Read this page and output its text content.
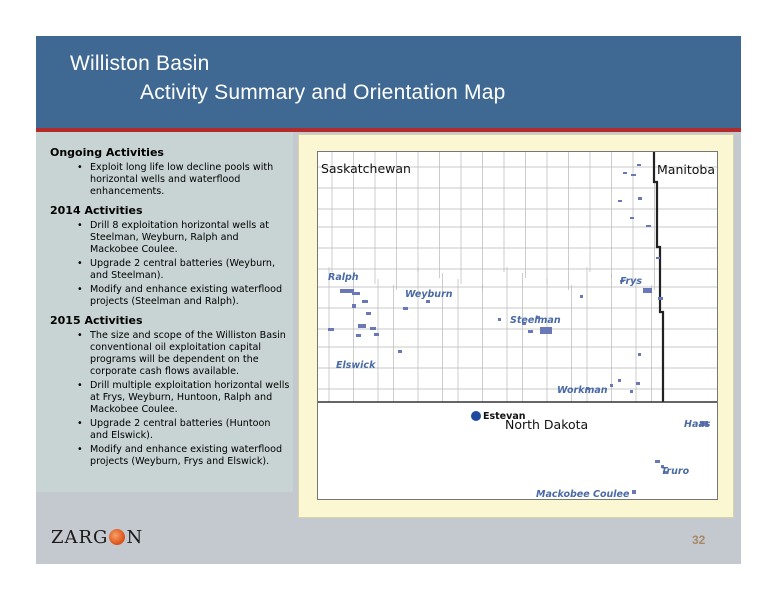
Williston Basin
Activity Summary and Orientation Map
Ongoing Activities
• Exploit long life low decline pools with horizontal wells and waterflood enhancements.
2014 Activities
• Drill 8 exploitation horizontal wells at Steelman, Weyburn, Ralph and Mackobee Coulee.
• Upgrade 2 central batteries (Weyburn, and Steelman).
• Modify and enhance existing waterflood projects (Steelman and Ralph).
2015 Activities
• The size and scope of the Williston Basin conventional oil exploitation capital programs will be dependent on the corporate cash flows available.
• Drill multiple exploitation horizontal wells at Frys, Weyburn, Huntoon, Ralph and Mackobee Coulee.
• Upgrade 2 central batteries (Huntoon and Elswick).
• Modify and enhance existing waterflood projects (Weyburn, Frys and Elswick).
Saskatchewan	Manitoba
North Dakota
Ralph
Weyburn
Steelman
Frys
Elswick
Workman
Haas
Truro
Mackobee Coulee
Estevan
ZARG N	32
